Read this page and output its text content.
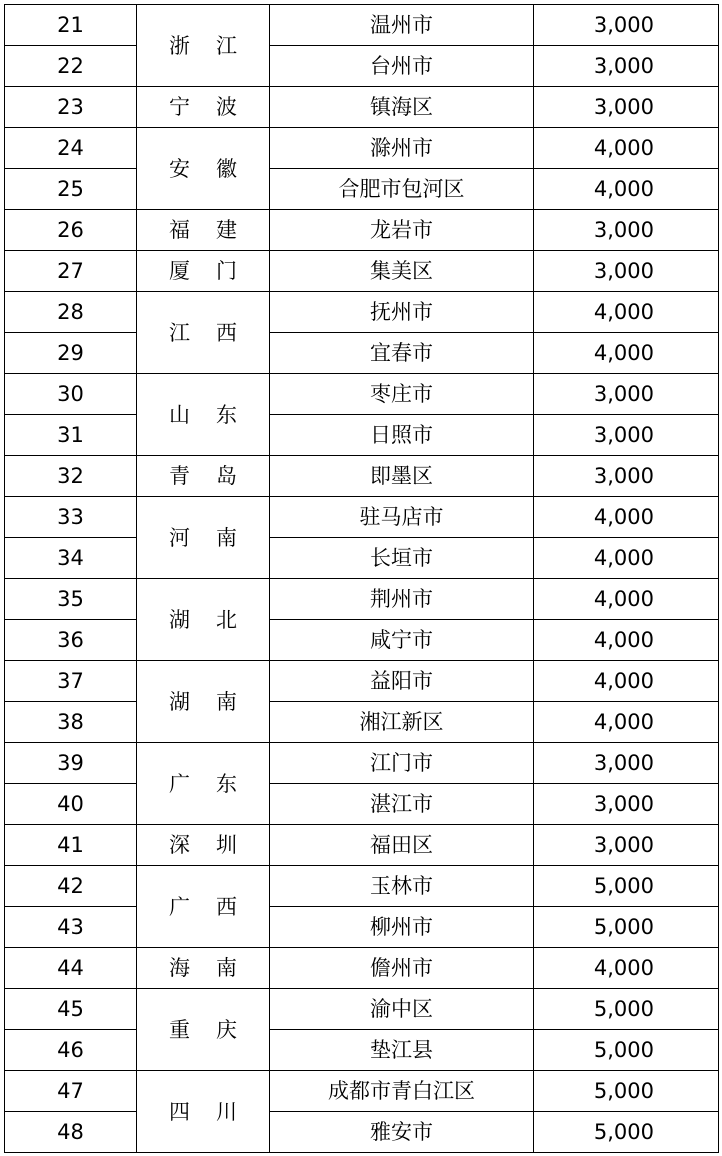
21	浙江	温州市	3,000
22		台州市	3,000
23	宁波	镇海区	3,000
24	安徽	滁州市	4,000
25		合肥市包河区	4,000
26	福建	龙岩市	3,000
27	厦门	集美区	3,000
28	江西	抚州市	4,000
29		宜春市	4,000
30	山东	枣庄市	3,000
31		日照市	3,000
32	青岛	即墨区	3,000
33	河南	驻马店市	4,000
34		长垣市	4,000
35	湖北	荆州市	4,000
36		咸宁市	4,000
37	湖南	益阳市	4,000
38		湘江新区	4,000
39	广东	江门市	3,000
40		湛江市	3,000
41	深圳	福田区	3,000
42	广西	玉林市	5,000
43		柳州市	5,000
44	海南	儋州市	4,000
45	重庆	渝中区	5,000
46		垫江县	5,000
47	四川	成都市青白江区	5,000
48		雅安市	5,000
